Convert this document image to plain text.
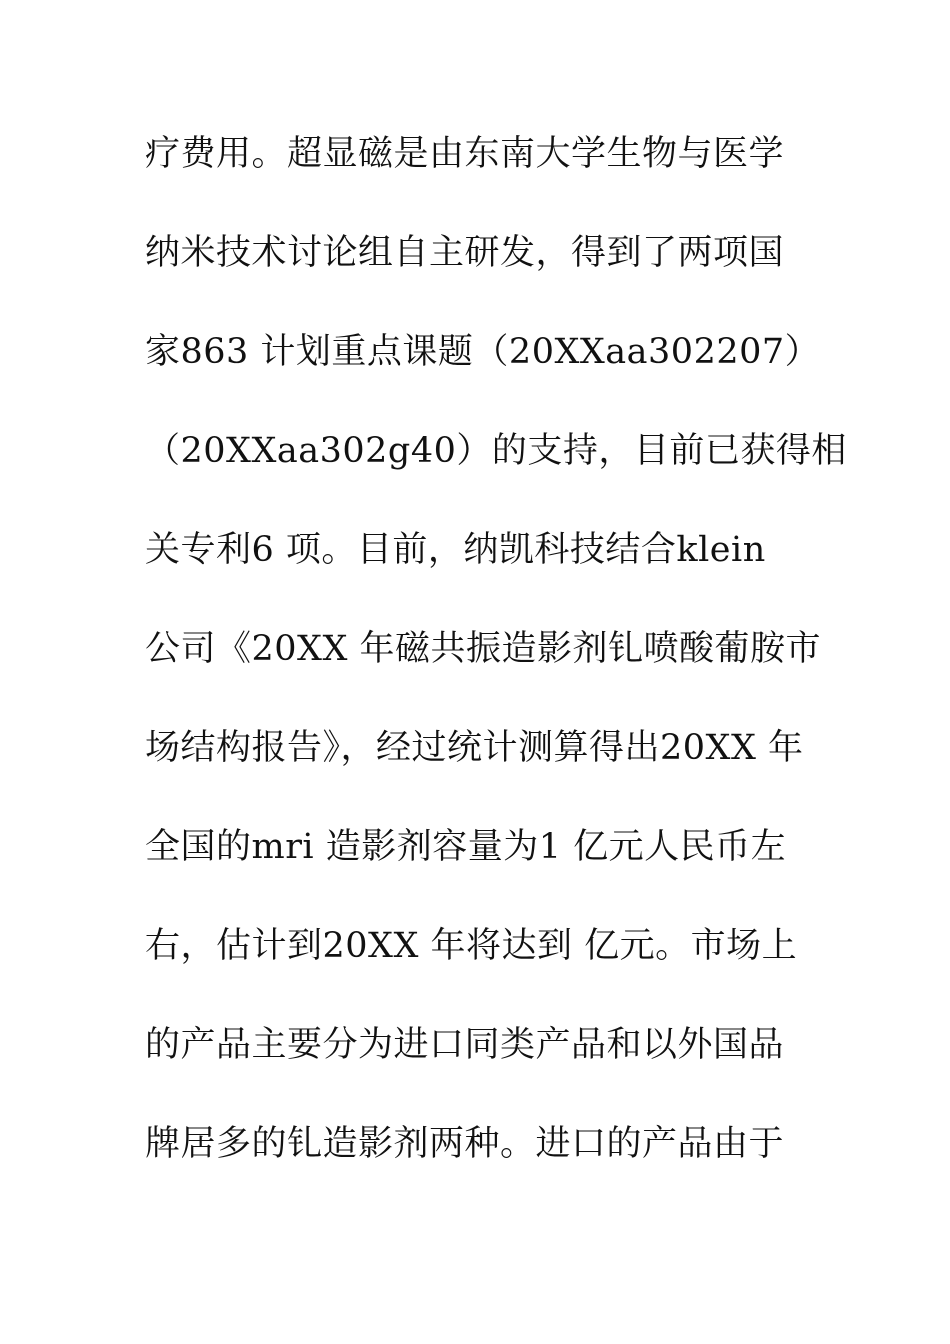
疗费用。超显磁是由东南大学生物与医学
纳米技术讨论组自主研发，得到了两项国
家863 计划重点课题（20XXaa302207）
（20XXaa302g40）的支持，目前已获得相
关专利6 项。目前，纳凯科技结合klein
公司《20XX 年磁共振造影剂钆喷酸葡胺市
场结构报告》，经过统计测算得出20XX 年
全国的mri 造影剂容量为1 亿元人民币左
右，估计到20XX 年将达到 亿元。市场上
的产品主要分为进口同类产品和以外国品
牌居多的钆造影剂两种。进口的产品由于
